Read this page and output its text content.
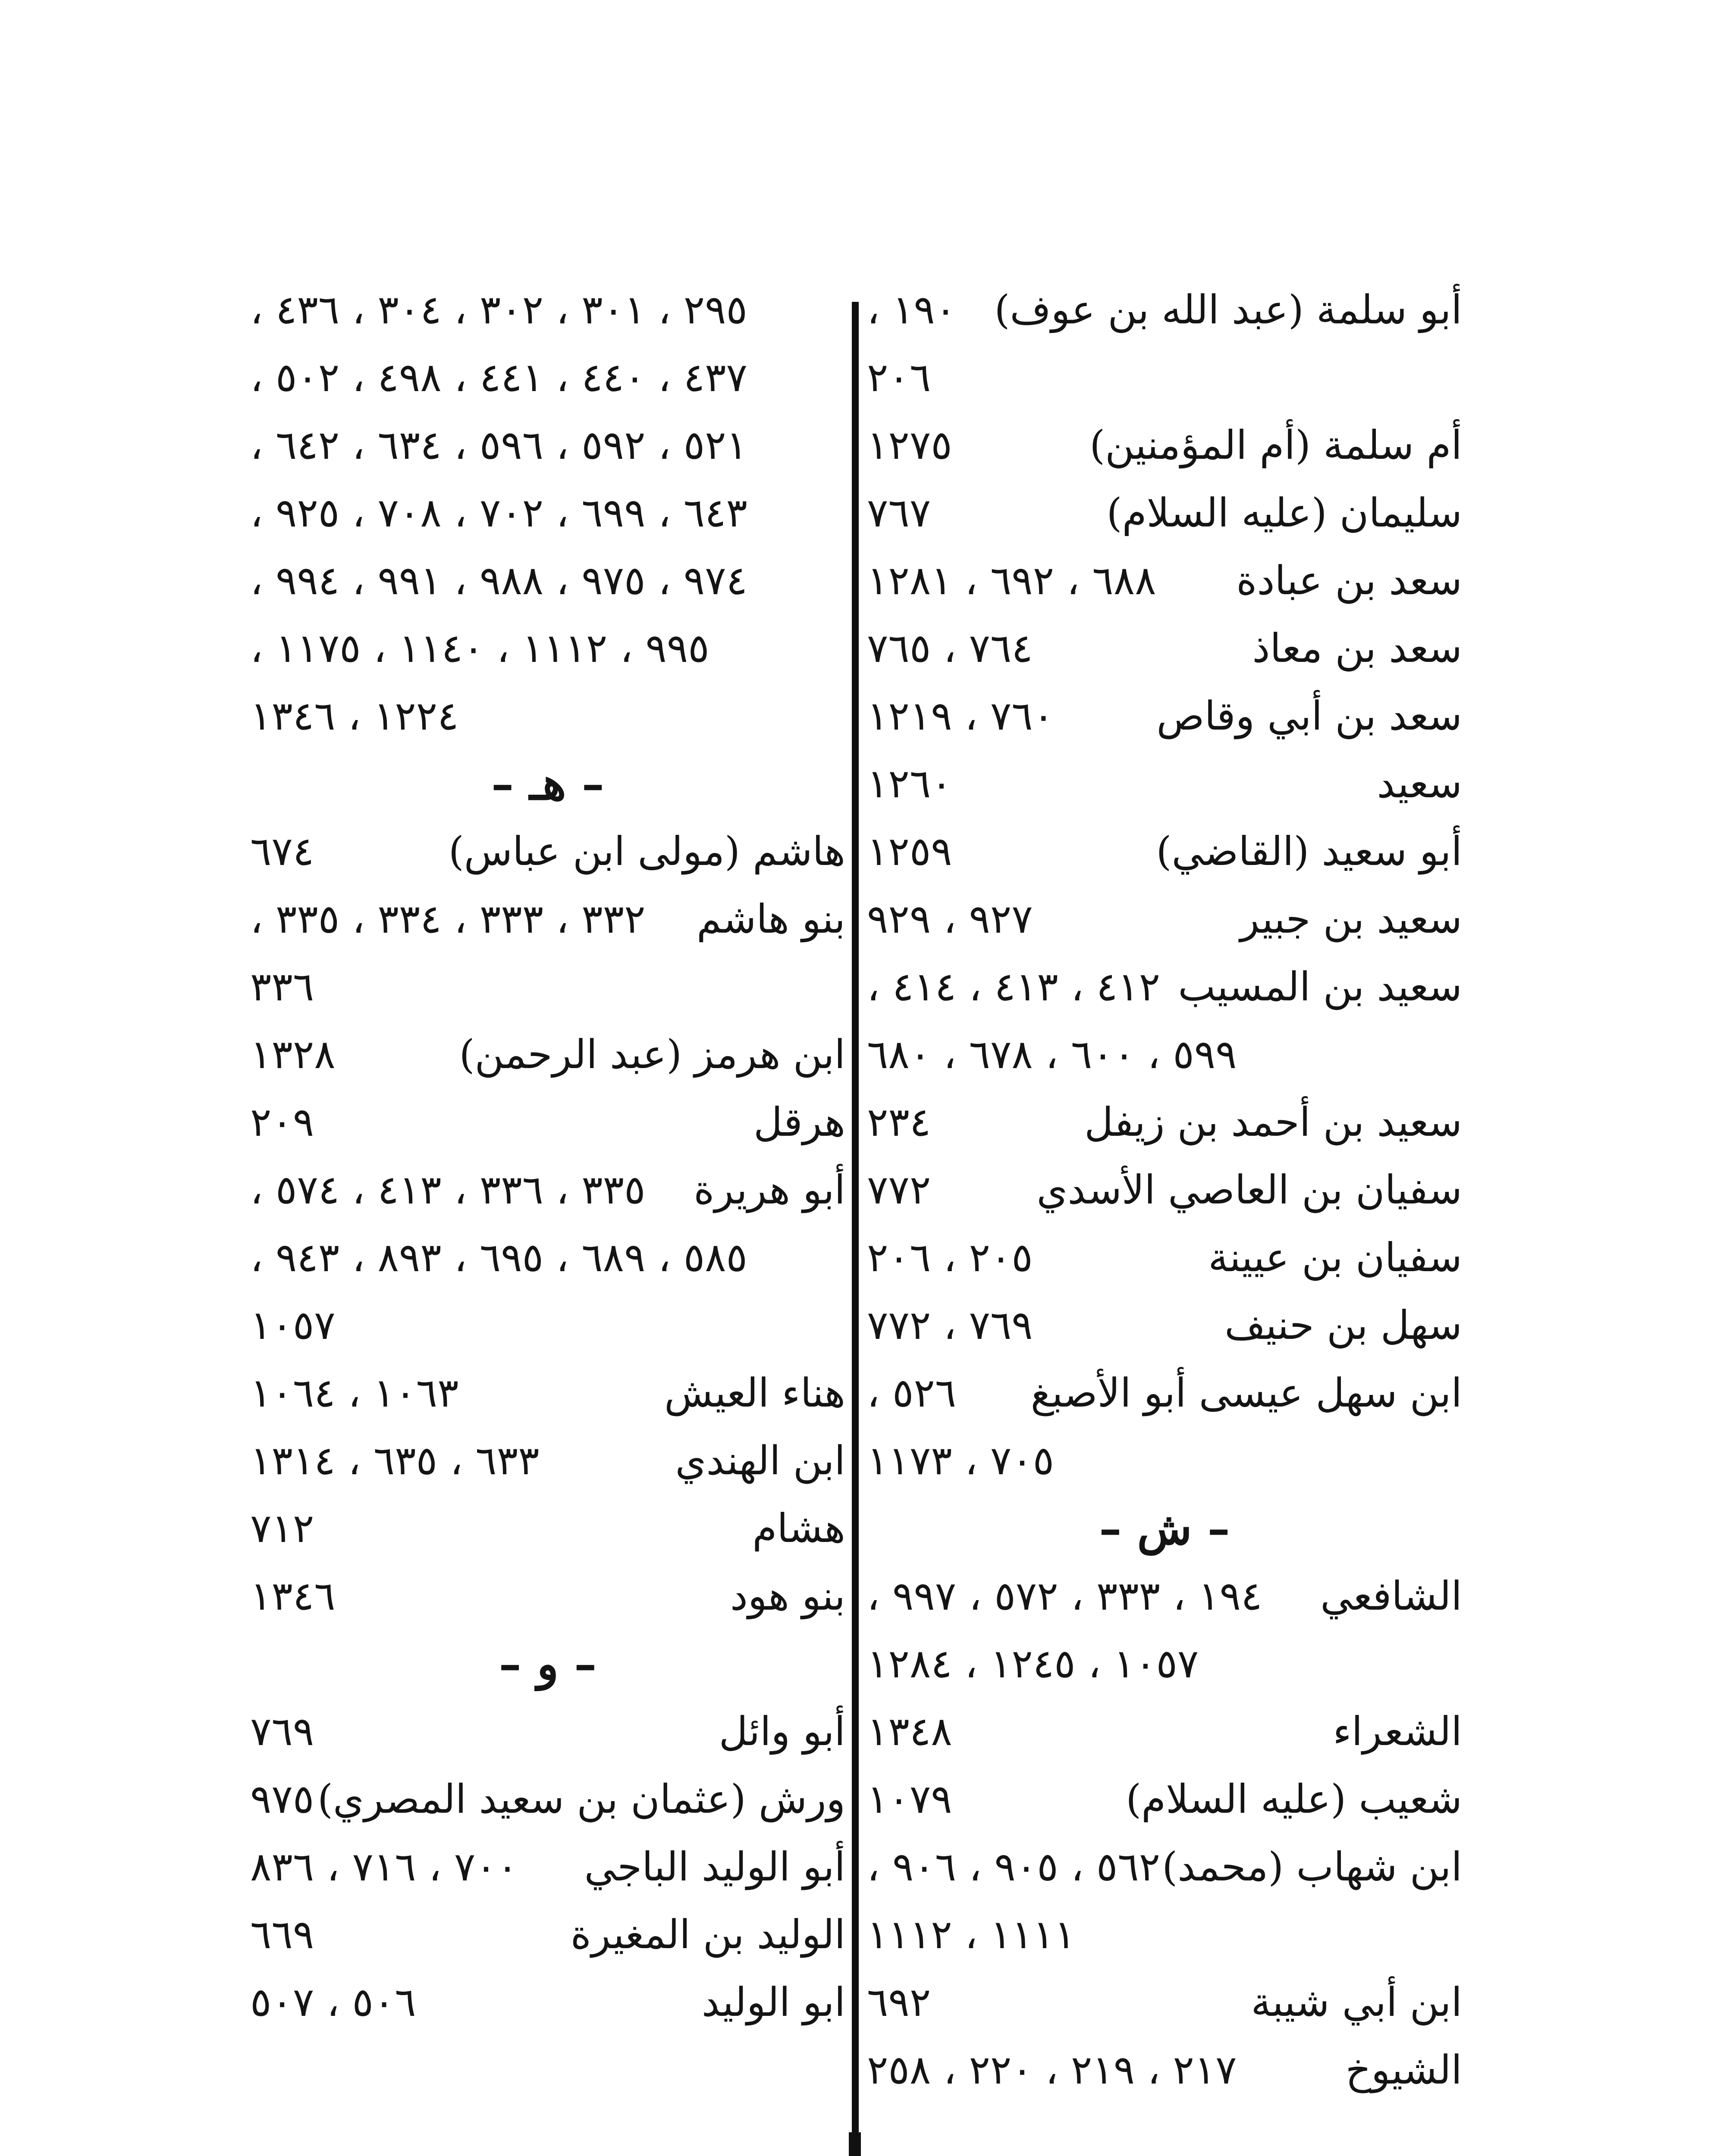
أبو سلمة (عبد الله بن عوف)
١٩٠ ،
٢٠٦
أم سلمة (أم المؤمنين)
١٢٧٥
سليمان (عليه السلام)
٧٦٧
سعد بن عبادة
٦٨٨ ، ٦٩٢ ، ١٢٨١
سعد بن معاذ
٧٦٤ ، ٧٦٥
سعد بن أبي وقاص
٧٦٠ ، ١٢١٩
سعيد
١٢٦٠
أبو سعيد (القاضي)
١٢٥٩
سعيد بن جبير
٩٢٧ ، ٩٢٩
سعيد بن المسيب
٤١٢ ، ٤١٣ ، ٤١٤ ،
٥٩٩ ، ٦٠٠ ، ٦٧٨ ، ٦٨٠
سعيد بن أحمد بن زيفل
٢٣٤
سفيان بن العاصي الأسدي
٧٧٢
سفيان بن عيينة
٢٠٥ ، ٢٠٦
سهل بن حنيف
٧٦٩ ، ٧٧٢
ابن سهل عيسى أبو الأصبغ
٥٢٦ ،
٧٠٥ ، ١١٧٣
– ش –
الشافعي
١٩٤ ، ٣٣٣ ، ٥٧٢ ، ٩٩٧ ،
١٠٥٧ ، ١٢٤٥ ، ١٢٨٤
الشعراء
١٣٤٨
شعيب (عليه السلام)
١٠٧٩
ابن شهاب (محمد)
٥٦٢ ، ٩٠٥ ، ٩٠٦ ،
١١١١ ، ١١١٢
ابن أبي شيبة
٦٩٢
الشيوخ
٢١٧ ، ٢١٩ ، ٢٢٠ ، ٢٥٨
٢٩٥ ، ٣٠١ ، ٣٠٢ ، ٣٠٤ ، ٤٣٦ ،
٤٣٧ ، ٤٤٠ ، ٤٤١ ، ٤٩٨ ، ٥٠٢ ،
٥٢١ ، ٥٩٢ ، ٥٩٦ ، ٦٣٤ ، ٦٤٢ ،
٦٤٣ ، ٦٩٩ ، ٧٠٢ ، ٧٠٨ ، ٩٢٥ ،
٩٧٤ ، ٩٧٥ ، ٩٨٨ ، ٩٩١ ، ٩٩٤ ،
٩٩٥ ، ١١١٢ ، ١١٤٠ ، ١١٧٥ ،
١٢٢٤ ، ١٣٤٦
– هـ –
هاشم (مولى ابن عباس)
٦٧٤
بنو هاشم
٣٣٢ ، ٣٣٣ ، ٣٣٤ ، ٣٣٥ ،
٣٣٦
ابن هرمز (عبد الرحمن)
١٣٢٨
هرقل
٢٠٩
أبو هريرة
٣٣٥ ، ٣٣٦ ، ٤١٣ ، ٥٧٤ ،
٥٨٥ ، ٦٨٩ ، ٦٩٥ ، ٨٩٣ ، ٩٤٣ ،
١٠٥٧
هناء العيش
١٠٦٣ ، ١٠٦٤
ابن الهندي
٦٣٣ ، ٦٣٥ ، ١٣١٤
هشام
٧١٢
بنو هود
١٣٤٦
– و –
أبو وائل
٧٦٩
ورش (عثمان بن سعيد المصري)
٩٧٥
أبو الوليد الباجي
٧٠٠ ، ٧١٦ ، ٨٣٦
الوليد بن المغيرة
٦٦٩
ابو الوليد
٥٠٦ ، ٥٠٧
